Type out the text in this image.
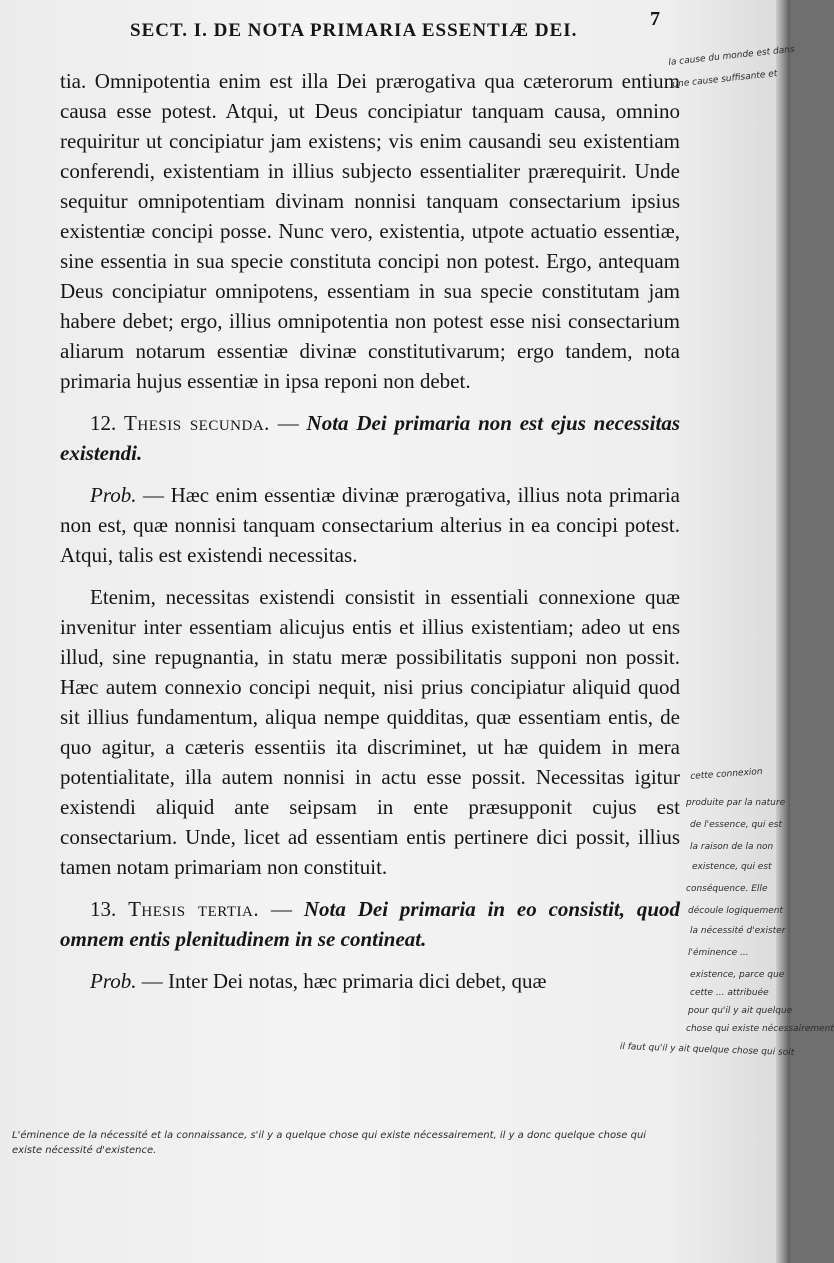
SECT. I. DE NOTA PRIMARIA ESSENTIÆ DEI.
7

tia. Omnipotentia enim est illa Dei prærogativa qua cæterorum entium causa esse potest. Atqui, ut Deus concipiatur tanquam causa, omnino requiritur ut concipiatur jam existens; vis enim causandi seu existentiam conferendi, existentiam in illius subjecto essentialiter prærequirit. Unde sequitur omnipotentiam divinam nonnisi tanquam consectarium ipsius existentiæ concipi posse. Nunc vero, existentia, utpote actuatio essentiæ, sine essentia in sua specie constituta concipi non potest. Ergo, antequam Deus concipiatur omnipotens, essentiam in sua specie constitutam jam habere debet; ergo, illius omnipotentia non potest esse nisi consectarium aliarum notarum essentiæ divinæ constitutivarum; ergo tandem, nota primaria hujus essentiæ in ipsa reponi non debet.

12. Thesis secunda. — Nota Dei primaria non est ejus necessitas existendi.

Prob. — Hæc enim essentiæ divinæ prærogativa, illius nota primaria non est, quæ nonnisi tanquam consectarium alterius in ea concipi potest. Atqui, talis est existendi necessitas.

Etenim, necessitas existendi consistit in essentiali connexione quæ invenitur inter essentiam alicujus entis et illius existentiam; adeo ut ens illud, sine repugnantia, in statu meræ possibilitatis supponi non possit. Hæc autem connexio concipi nequit, nisi prius concipiatur aliquid quod sit illius fundamentum, aliqua nempe quidditas, quæ essentiam entis, de quo agitur, a cæteris essentiis ita discriminet, ut hæ quidem in mera potentialitate, illa autem nonnisi in actu esse possit. Necessitas igitur existendi aliquid ante seipsam in ente præsupponit cujus est consectarium. Unde, licet ad essentiam entis pertinere dici possit, illius tamen notam primariam non constituit.

13. Thesis tertia. — Nota Dei primaria in eo consistit, quod omnem entis plenitudinem in se contineat.

Prob. — Inter Dei notas, hæc primaria dici debet, quæ

la cause du monde est dans
une cause suffisante et
cette connexion
produite par la nature
de l'essence, qui est
la raison de la non
existence, qui est
conséquence. Elle
découle logiquement
la nécessité d'exister
l'éminence ...
existence, parce que
cette ... attribuée
pour qu'il y ait quelque
chose qui existe nécessairement
il faut qu'il y ait quelque chose qui soit
L'éminence de la nécessité et la connaissance, s'il y a quelque chose qui existe nécessairement, il y a donc quelque chose qui
existe nécessité d'existence.
